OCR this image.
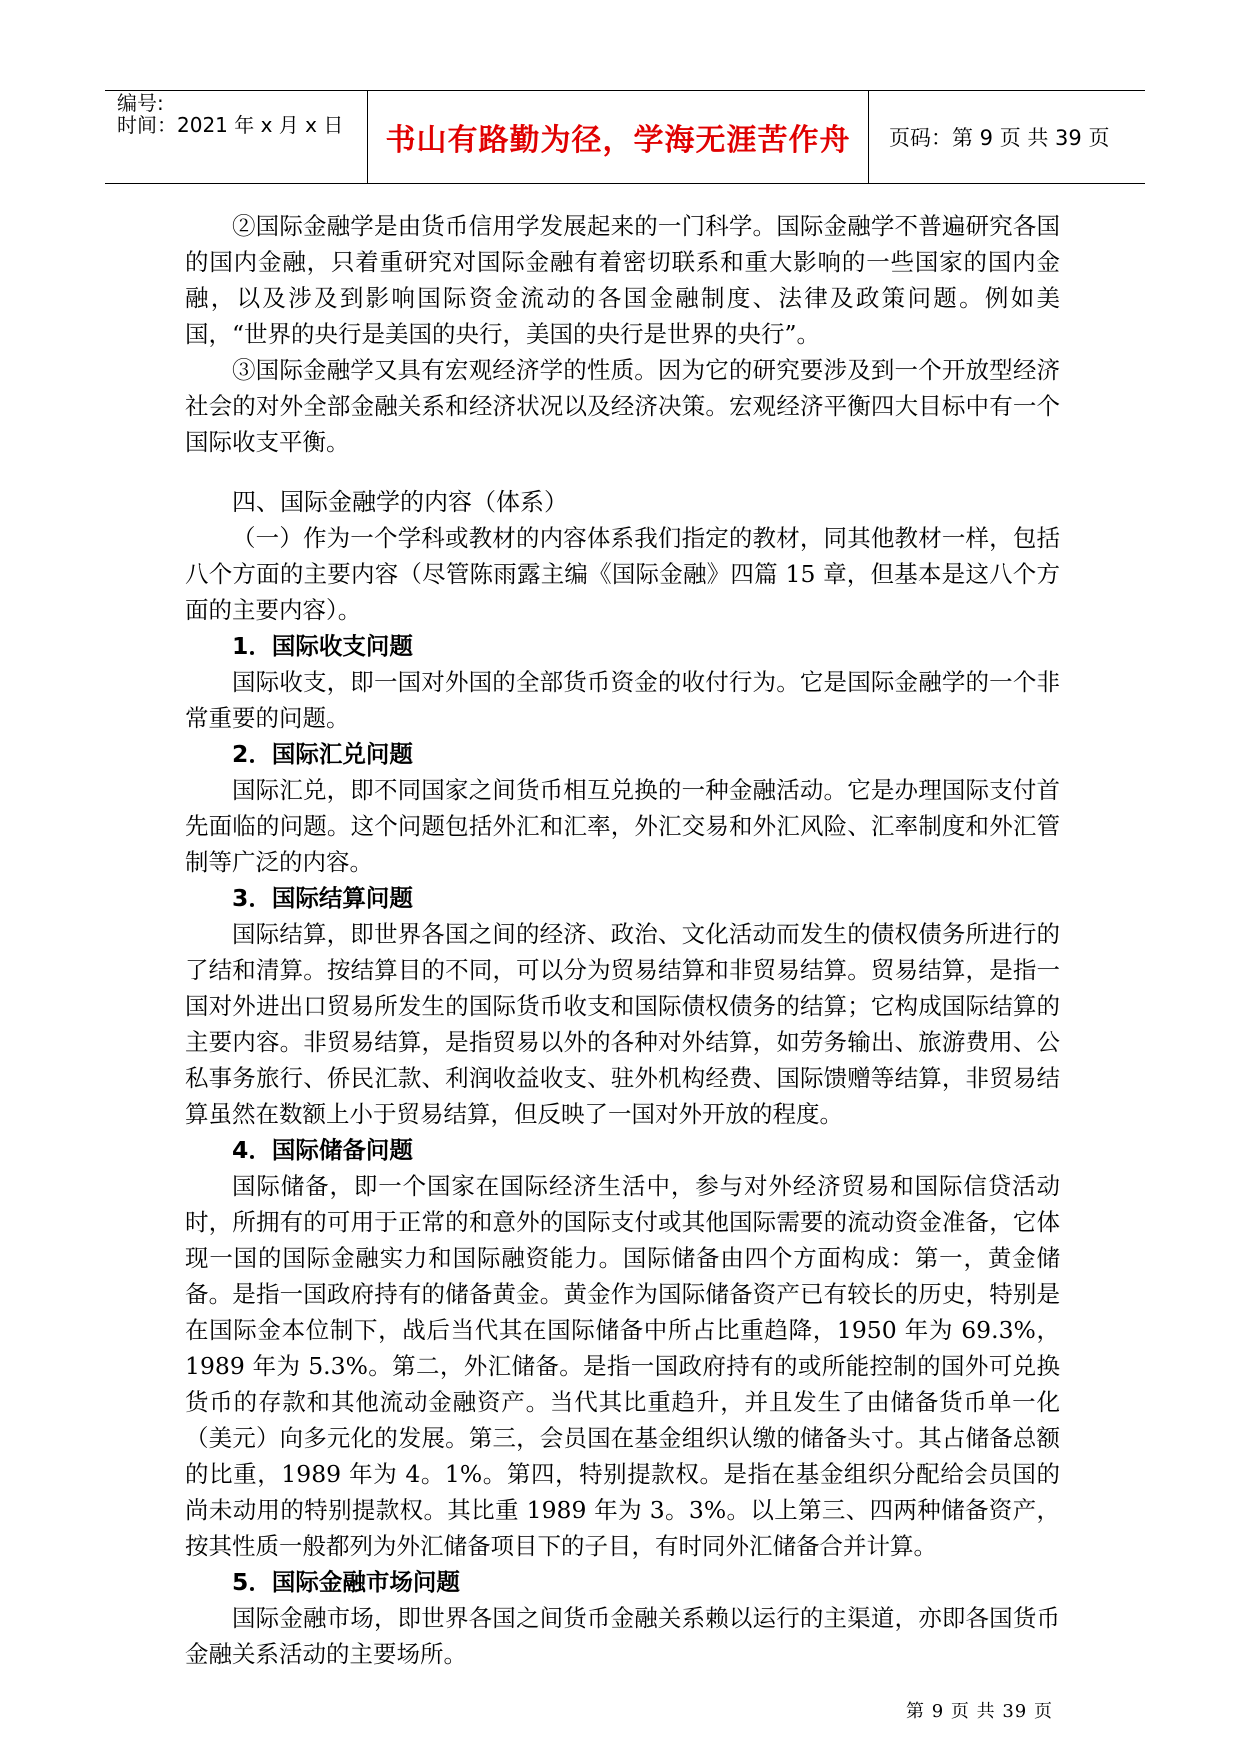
编号:
时间：2021 年 x 月 x 日 书山有路勤为径，学海无涯苦作舟	页码：第 9 页 共 39 页

②国际金融学是由货币信用学发展起来的一门科学。国际金融学不普遍研究各国的国内金融，只着重研究对国际金融有着密切联系和重大影响的一些国家的国内金融，以及涉及到影响国际资金流动的各国金融制度、法律及政策问题。例如美国，“世界的央行是美国的央行，美国的央行是世界的央行”。

③国际金融学又具有宏观经济学的性质。因为它的研究要涉及到一个开放型经济社会的对外全部金融关系和经济状况以及经济决策。宏观经济平衡四大目标中有一个国际收支平衡。

四、国际金融学的内容（体系）

（一）作为一个学科或教材的内容体系我们指定的教材，同其他教材一样，包括八个方面的主要内容（尽管陈雨露主编《国际金融》四篇 15 章，但基本是这八个方面的主要内容）。

1．国际收支问题

国际收支，即一国对外国的全部货币资金的收付行为。它是国际金融学的一个非常重要的问题。

2．国际汇兑问题

国际汇兑，即不同国家之间货币相互兑换的一种金融活动。它是办理国际支付首先面临的问题。这个问题包括外汇和汇率，外汇交易和外汇风险、汇率制度和外汇管制等广泛的内容。

3．国际结算问题

国际结算，即世界各国之间的经济、政治、文化活动而发生的债权债务所进行的了结和清算。按结算目的不同，可以分为贸易结算和非贸易结算。贸易结算，是指一国对外进出口贸易所发生的国际货币收支和国际债权债务的结算；它构成国际结算的主要内容。非贸易结算，是指贸易以外的各种对外结算，如劳务输出、旅游费用、公私事务旅行、侨民汇款、利润收益收支、驻外机构经费、国际馈赠等结算，非贸易结算虽然在数额上小于贸易结算，但反映了一国对外开放的程度。

4．国际储备问题

国际储备，即一个国家在国际经济生活中，参与对外经济贸易和国际信贷活动时，所拥有的可用于正常的和意外的国际支付或其他国际需要的流动资金准备，它体现一国的国际金融实力和国际融资能力。国际储备由四个方面构成：第一，黄金储备。是指一国政府持有的储备黄金。黄金作为国际储备资产已有较长的历史，特别是在国际金本位制下，战后当代其在国际储备中所占比重趋降，1950 年为 69.3%，1989 年为 5.3%。第二，外汇储备。是指一国政府持有的或所能控制的国外可兑换货币的存款和其他流动金融资产。当代其比重趋升，并且发生了由储备货币单一化（美元）向多元化的发展。第三，会员国在基金组织认缴的储备头寸。其占储备总额的比重，1989 年为 4。1%。第四，特别提款权。是指在基金组织分配给会员国的尚未动用的特别提款权。其比重 1989 年为 3。3%。以上第三、四两种储备资产，按其性质一般都列为外汇储备项目下的子目，有时同外汇储备合并计算。

5．国际金融市场问题

国际金融市场，即世界各国之间货币金融关系赖以运行的主渠道，亦即各国货币金融关系活动的主要场所。

第 9 页 共 39 页
